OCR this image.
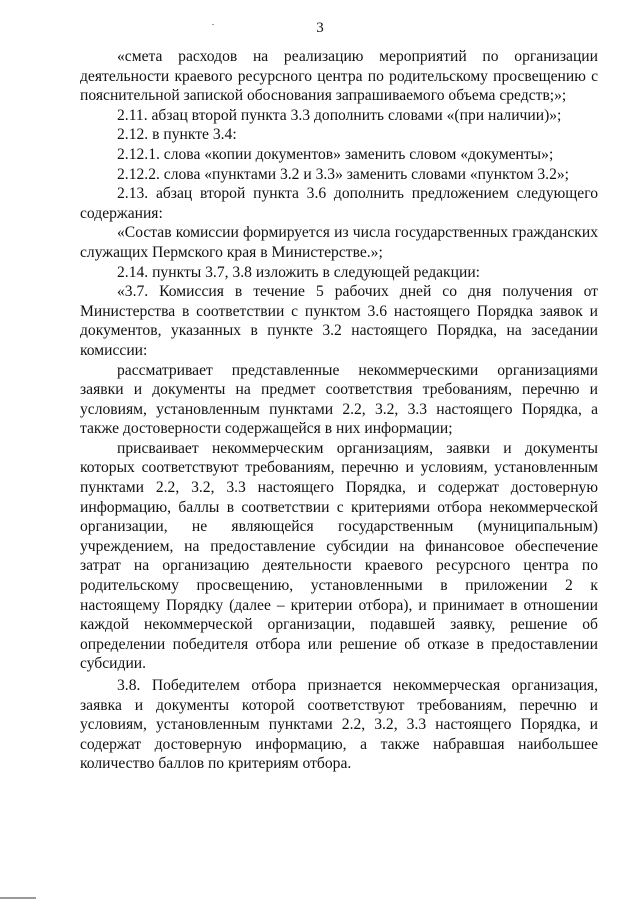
3

«смета расходов на реализацию мероприятий по организации деятельности краевого ресурсного центра по родительскому просвещению с пояснительной запиской обоснования запрашиваемого объема средств;»;

2.11. абзац второй пункта 3.3 дополнить словами «(при наличии)»;

2.12. в пункте 3.4:

2.12.1. слова «копии документов» заменить словом «документы»;

2.12.2. слова «пунктами 3.2 и 3.3» заменить словами «пунктом 3.2»;

2.13. абзац второй пункта 3.6 дополнить предложением следующего содержания:

«Состав комиссии формируется из числа государственных гражданских служащих Пермского края в Министерстве.»;

2.14. пункты 3.7, 3.8 изложить в следующей редакции:

«3.7. Комиссия в течение 5 рабочих дней со дня получения от Министерства в соответствии с пунктом 3.6 настоящего Порядка заявок и документов, указанных в пункте 3.2 настоящего Порядка, на заседании комиссии:

рассматривает представленные некоммерческими организациями заявки и документы на предмет соответствия требованиям, перечню и условиям, установленным пунктами 2.2, 3.2, 3.3 настоящего Порядка, а также достоверности содержащейся в них информации;

присваивает некоммерческим организациям, заявки и документы которых соответствуют требованиям, перечню и условиям, установленным пунктами 2.2, 3.2, 3.3 настоящего Порядка, и содержат достоверную информацию, баллы в соответствии с критериями отбора некоммерческой организации, не являющейся государственным (муниципальным) учреждением, на предоставление субсидии на финансовое обеспечение затрат на организацию деятельности краевого ресурсного центра по родительскому просвещению, установленными в приложении 2 к настоящему Порядку (далее – критерии отбора), и принимает в отношении каждой некоммерческой организации, подавшей заявку, решение об определении победителя отбора или решение об отказе в предоставлении субсидии.

3.8. Победителем отбора признается некоммерческая организация, заявка и документы которой соответствуют требованиям, перечню и условиям, установленным пунктами 2.2, 3.2, 3.3 настоящего Порядка, и содержат достоверную информацию, а также набравшая наибольшее количество баллов по критериям отбора.
